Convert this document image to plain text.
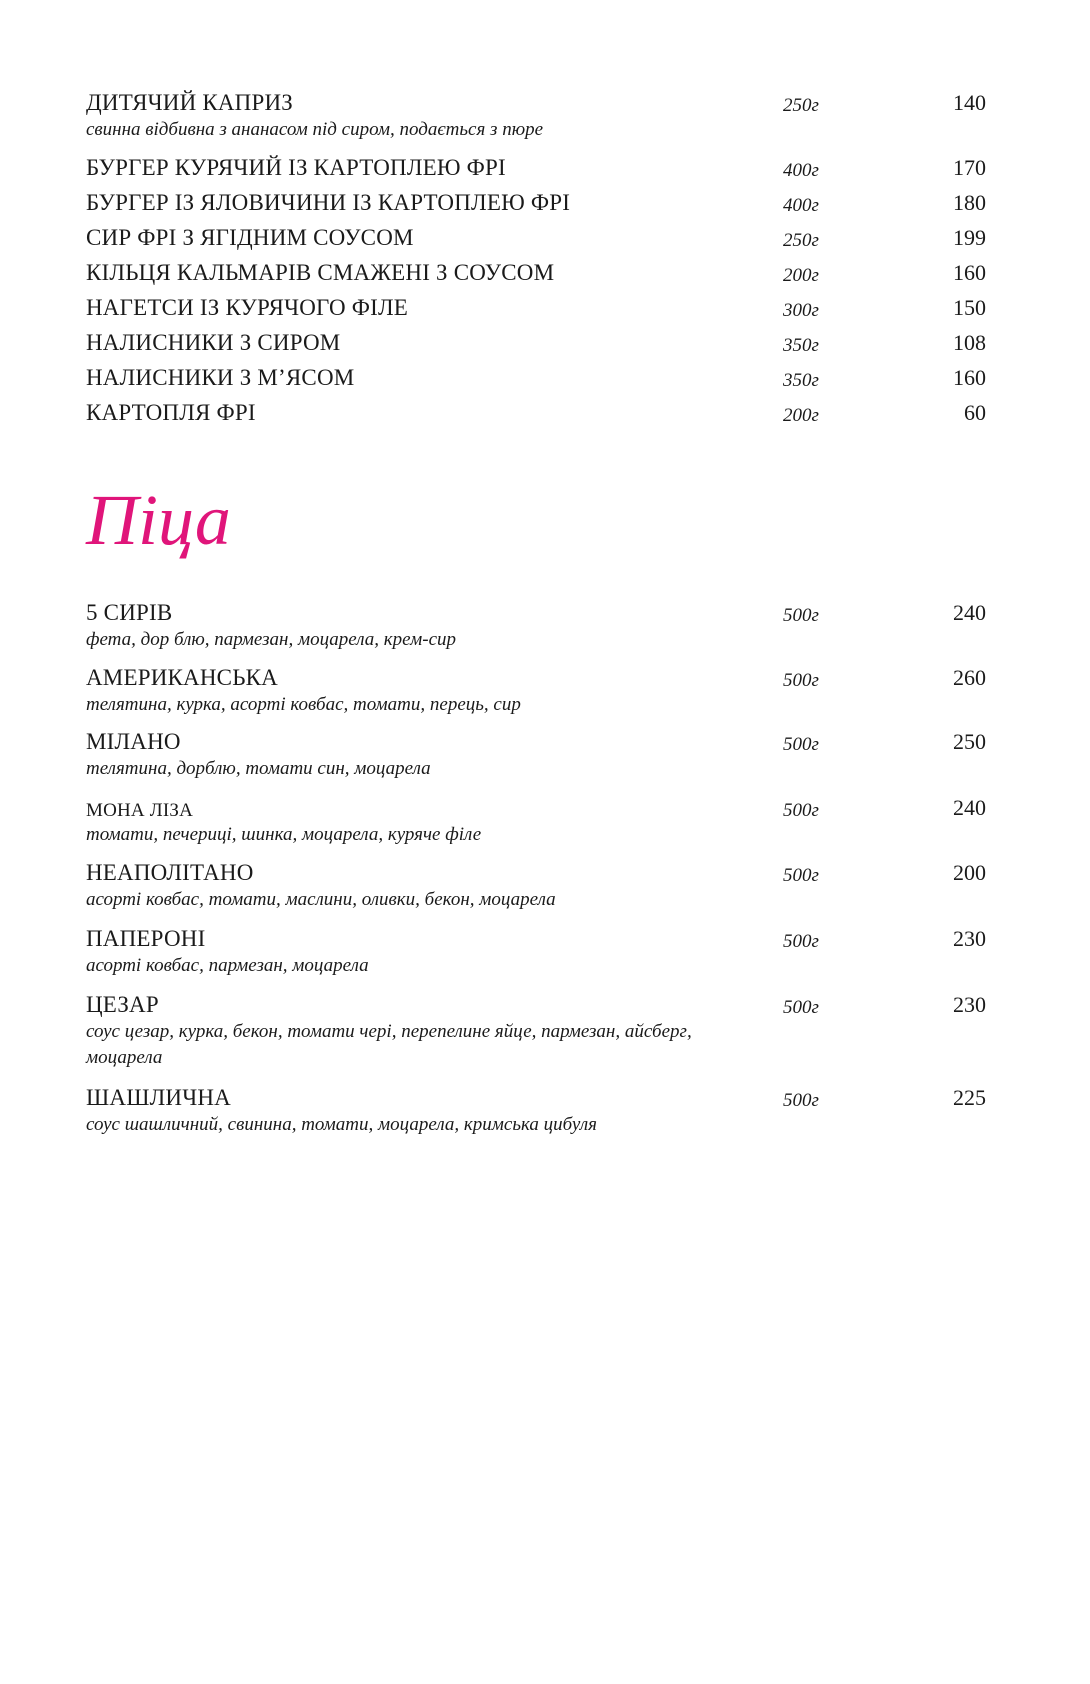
ДИТЯЧИЙ КАПРИЗ
свинна відбивна з ананасом під сиром, подається з пюре
250г	140
БУРГЕР КУРЯЧИЙ ІЗ КАРТОПЛЕЮ ФРІ	400г	170
БУРГЕР ІЗ ЯЛОВИЧИНИ ІЗ КАРТОПЛЕЮ ФРІ	400г	180
СИР ФРІ З ЯГІДНИМ СОУСОМ	250г	199
КІЛЬЦЯ КАЛЬМАРІВ СМАЖЕНІ З СОУСОМ	200г	160
НАГЕТСИ ІЗ КУРЯЧОГО ФІЛЕ	300г	150
НАЛИСНИКИ З СИРОМ	350г	108
НАЛИСНИКИ З М’ЯСОМ	350г	160
КАРТОПЛЯ ФРІ	200г	60
Піца
5 СИРІВ
фета, дор блю, пармезан, моцарела, крем-сир
500г	240
АМЕРИКАНСЬКА
телятина, курка, асорті ковбас, томати, перець, сир
500г	260
МІЛАНО
телятина, дорблю, томати син, моцарела
500г	250
МОНА ЛІЗА
томати, печериці, шинка, моцарела, куряче філе
500г	240
НЕАПОЛІТАНО
асорті ковбас, томати, маслини, оливки, бекон, моцарела
500г	200
ПАПЕРОНІ
асорті ковбас, пармезан, моцарела
500г	230
ЦЕЗАР
соус цезар, курка, бекон, томати чері, перепелине яйце, пармезан, айсберг, моцарела
500г	230
ШАШЛИЧНА
соус шашличний, свинина, томати, моцарела, кримська цибуля
500г	225
